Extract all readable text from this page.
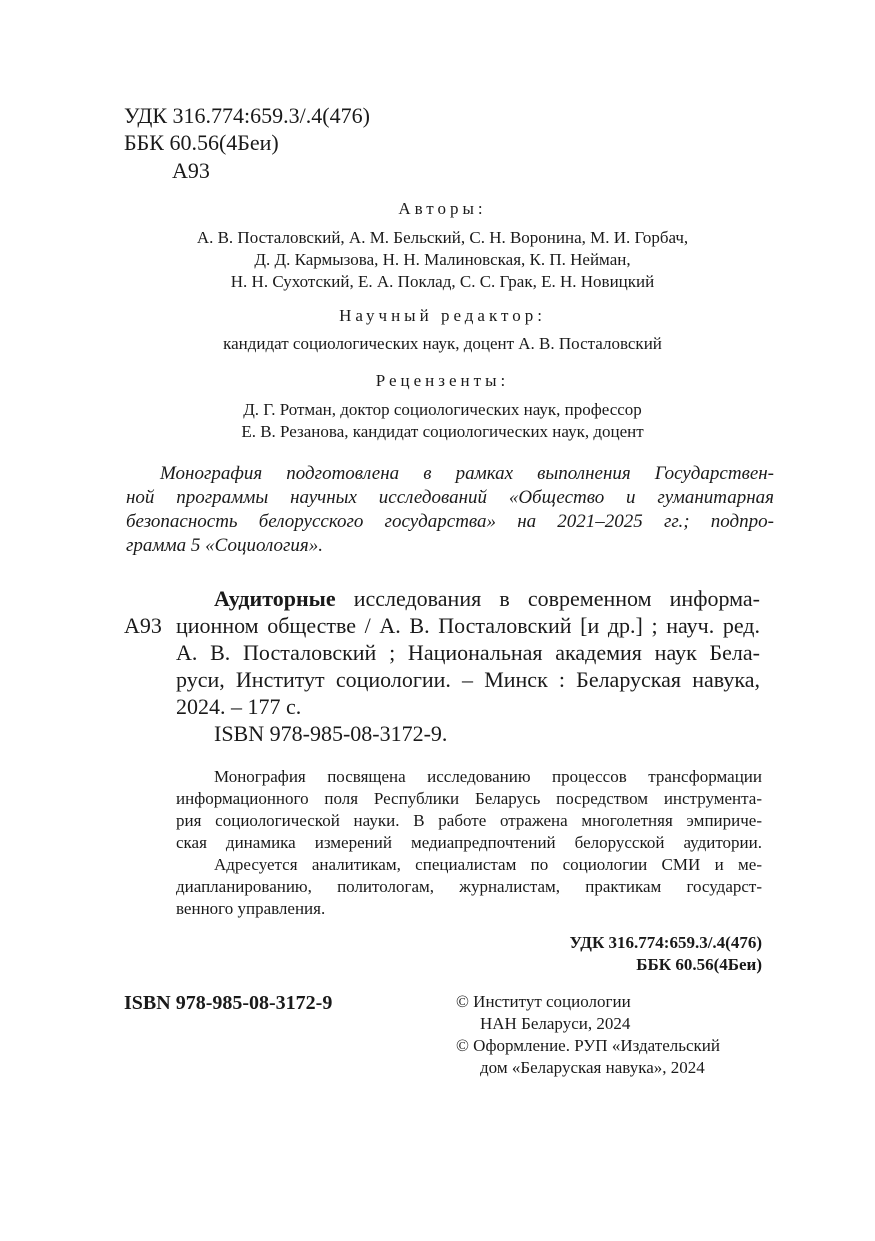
УДК 316.774:659.3/.4(476)
ББК 60.56(4Беи)
А93
Авторы:
А. В. Посталовский, А. М. Бельский, С. Н. Воронина, М. И. Горбач,
Д. Д. Кармызова, Н. Н. Малиновская, К. П. Нейман,
Н. Н. Сухотский, Е. А. Поклад, С. С. Грак, Е. Н. Новицкий
Научный редактор:
кандидат социологических наук, доцент А. В. Посталовский
Рецензенты:
Д. Г. Ротман, доктор социологических наук, профессор
Е. В. Резанова, кандидат социологических наук, доцент
Монография подготовлена в рамках выполнения Государствен-
ной программы научных исследований «Общество и гуманитарная
безопасность белорусского государства» на 2021–2025 гг.; подпро-
грамма 5 «Социология».
А93
Аудиторные исследования в современном информа-
ционном обществе / А. В. Посталовский [и др.] ; науч. ред.
А. В. Посталовский ; Национальная академия наук Бела-
руси, Институт социологии. – Минск : Беларуская навука,
2024. – 177 с.
ISBN 978-985-08-3172-9.
Монография посвящена исследованию процессов трансформации
информационного поля Республики Беларусь посредством инструмента-
рия социологической науки. В работе отражена многолетняя эмпириче-
ская динамика измерений медиапредпочтений белорусской аудитории.
Адресуется аналитикам, специалистам по социологии СМИ и ме-
диапланированию, политологам, журналистам, практикам государст-
венного управления.
УДК 316.774:659.3/.4(476)
ББК 60.56(4Беи)
ISBN 978-985-08-3172-9	© Институт социологии
НАН Беларуси, 2024
© Оформление. РУП «Издательский
дом «Беларуская навука», 2024
